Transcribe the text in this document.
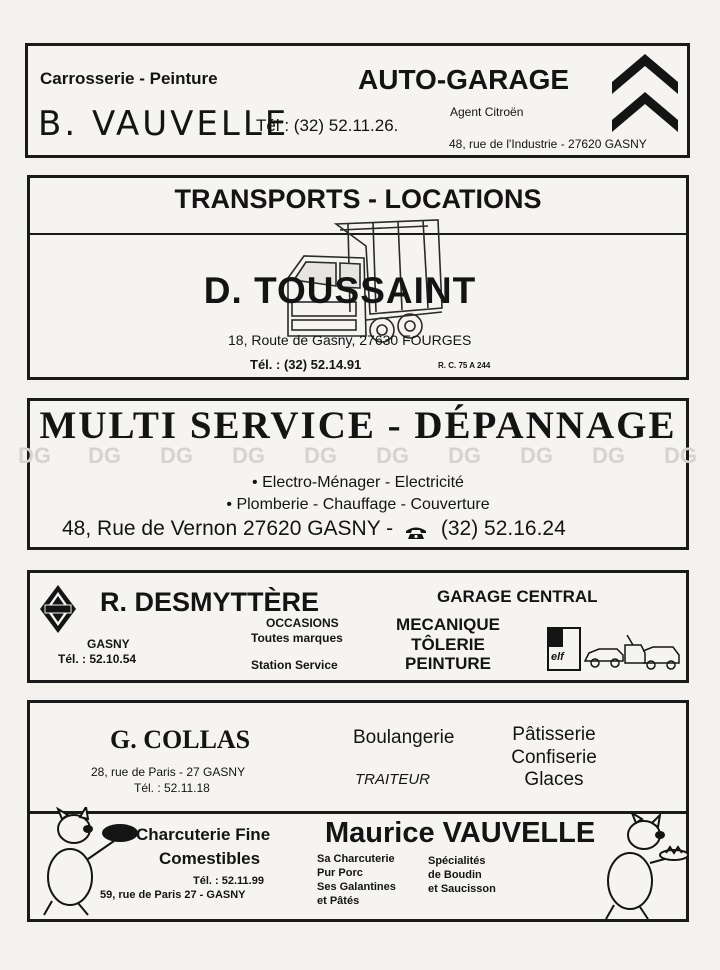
Carrosserie - Peinture
B. VAUVELLE
Tél : (32) 52.11.26.
AUTO-GARAGE
Agent Citroën
48, rue de l'Industrie - 27620 GASNY
TRANSPORTS - LOCATIONS
D. TOUSSAINT
18, Route de Gasny, 27630 FOURGES
Tél. : (32) 52.14.91	R. C. 75 A 244
DG DG DG DG DG DG DG DG DG DG
MULTI SERVICE - DÉPANNAGE
• Electro-Ménager - Electricité
• Plomberie - Chauffage - Couverture
48, Rue de Vernon 27620 GASNY - (32) 52.16.24
R. DESMYTTÈRE
GASNY
Tél. : 52.10.54
OCCASIONS
Toutes marques
Station Service
GARAGE CENTRAL
MECANIQUE
TÔLERIE
PEINTURE	elf
G. COLLAS
28, rue de Paris - 27 GASNY
Tél. : 52.11.18
Boulangerie
TRAITEUR
Pâtisserie
Confiserie
Glaces
Charcuterie Fine
Comestibles
Tél. : 52.11.99
59, rue de Paris 27 - GASNY
Maurice VAUVELLE
Sa Charcuterie
Pur Porc
Ses Galantines
et Pâtés
Spécialités
de Boudin
et Saucisson
